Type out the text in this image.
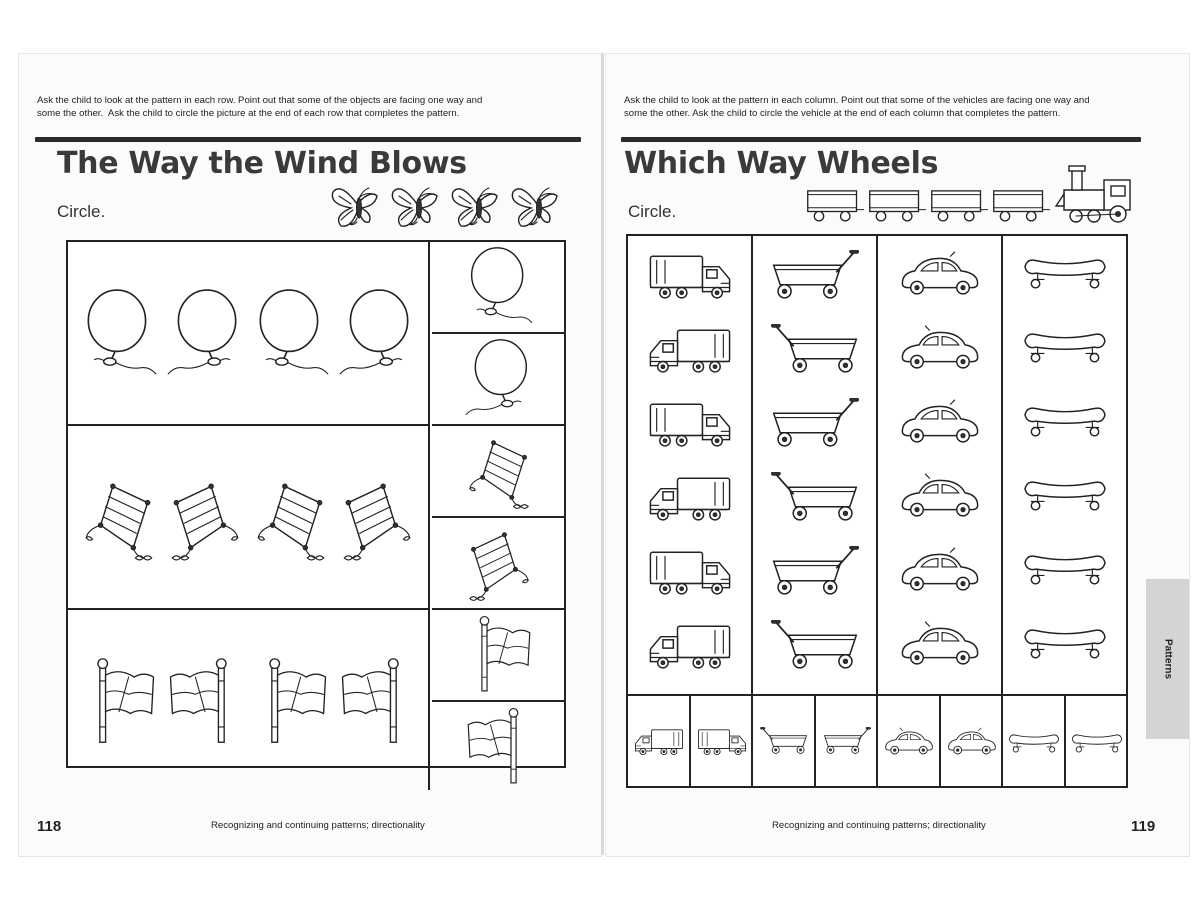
Ask the child to look at the pattern in each row. Point out that some of the objects are facing one way and
some the other.  Ask the child to circle the picture at the end of each row that completes the pattern.
The Way the Wind Blows
Circle.
118	Recognizing and continuing patterns; directionality
Ask the child to look at the pattern in each column. Point out that some of the vehicles are facing one way and
some the other. Ask the child to circle the vehicle at the end of each column that completes the pattern.
Which Way Wheels
Circle.
Patterns
119
Recognizing and continuing patterns; directionality
